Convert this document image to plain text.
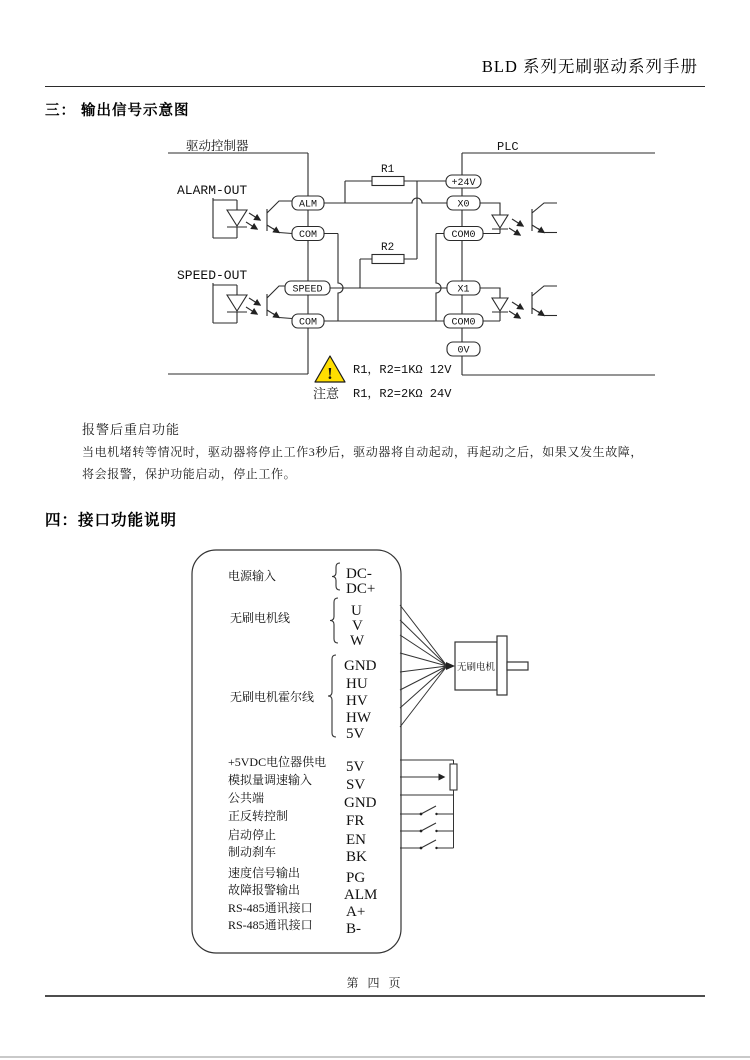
BLD 系列无刷驱动系列手册
三： 输出信号示意图
R1
R2
ALM
COM
SPEED
COM
+24V
X0
COM0
X1
COM0
0V
驱动控制器	PLC
ALARM-OUT
SPEED-OUT
!
注意
R1，R2=1KΩ 12V
R1，R2=2KΩ 24V
报警后重启功能
当电机堵转等情况时，驱动器将停止工作3秒后，驱动器将自动起动，再起动之后，如果又发生故障，
将会报警，保护功能启动，停止工作。
四：接口功能说明
电源输入
无刷电机线
无刷电机霍尔线
DC-
DC+
U
V
W
GND
HU
HV
HW
5V
+5VDC电位器供电
模拟量调速输入
公共端
正反转控制
启动停止
制动刹车
速度信号输出
故障报警输出
RS-485通讯接口
RS-485通讯接口
5V
SV
GND
FR
EN
BK
PG
ALM
A+
B-
无刷电机
第 四 页
